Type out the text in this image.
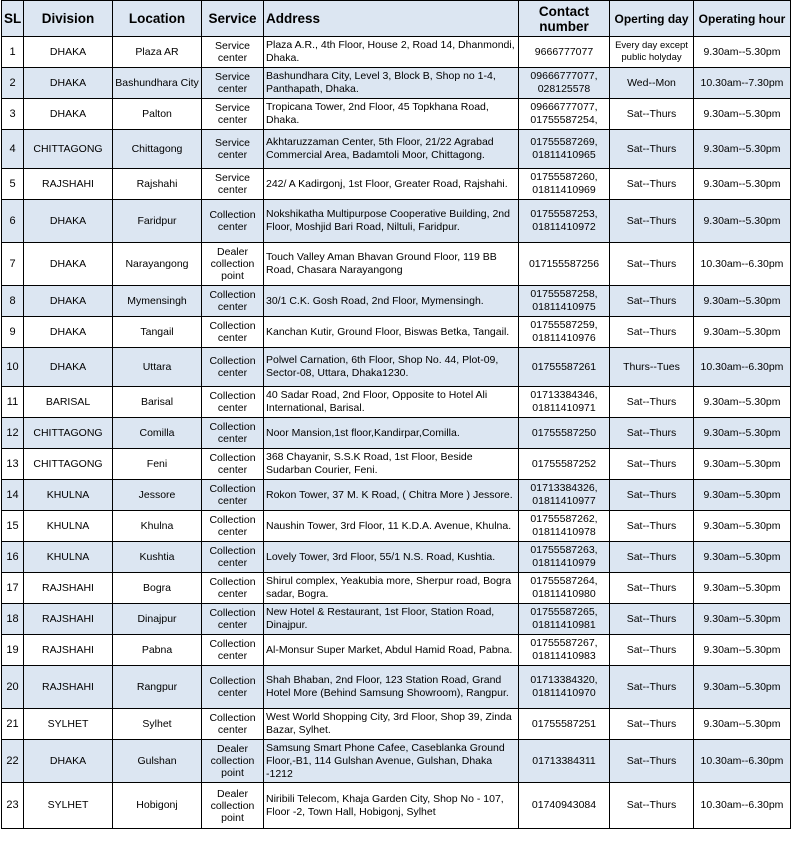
SL	Division	Location	Service	Address	Contact number	Operting day	Operating hour
1	DHAKA	Plaza AR	Service center	Plaza A.R., 4th Floor, House 2, Road 14, Dhanmondi, Dhaka.	9666777077	Every day except public holyday	9.30am--5.30pm
2	DHAKA	Bashundhara City	Service center	Bashundhara City, Level 3, Block B, Shop no 1-4, Panthapath, Dhaka.	09666777077, 028125578	Wed--Mon	10.30am--7.30pm
3	DHAKA	Palton	Service center	Tropicana Tower, 2nd Floor, 45 Topkhana Road, Dhaka.	09666777077, 01755587254,	Sat--Thurs	9.30am--5.30pm
4	CHITTAGONG	Chittagong	Service center	Akhtaruzzaman Center, 5th Floor, 21/22 Agrabad Commercial Area, Badamtoli Moor, Chittagong.	01755587269, 01811410965	Sat--Thurs	9.30am--5.30pm
5	RAJSHAHI	Rajshahi	Service center	242/ A Kadirgonj, 1st Floor, Greater Road, Rajshahi.	01755587260, 01811410969	Sat--Thurs	9.30am--5.30pm
6	DHAKA	Faridpur	Collection center	Nokshikatha Multipurpose Cooperative Building, 2nd Floor, Moshjid Bari Road, Niltuli, Faridpur.	01755587253, 01811410972	Sat--Thurs	9.30am--5.30pm
7	DHAKA	Narayangong	Dealer collection point	Touch Valley Aman Bhavan Ground Floor, 119 BB Road, Chasara Narayangong	017155587256	Sat--Thurs	10.30am--6.30pm
8	DHAKA	Mymensingh	Collection center	30/1 C.K. Gosh Road, 2nd Floor, Mymensingh.	01755587258, 01811410975	Sat--Thurs	9.30am--5.30pm
9	DHAKA	Tangail	Collection center	Kanchan Kutir, Ground Floor, Biswas Betka, Tangail.	01755587259, 01811410976	Sat--Thurs	9.30am--5.30pm
10	DHAKA	Uttara	Collection center	Polwel Carnation, 6th Floor, Shop No. 44, Plot-09, Sector-08, Uttara, Dhaka1230.	01755587261	Thurs--Tues	10.30am--6.30pm
11	BARISAL	Barisal	Collection center	40 Sadar Road, 2nd Floor, Opposite to Hotel Ali International, Barisal.	01713384346, 01811410971	Sat--Thurs	9.30am--5.30pm
12	CHITTAGONG	Comilla	Collection center	Noor Mansion,1st floor,Kandirpar,Comilla.	01755587250	Sat--Thurs	9.30am--5.30pm
13	CHITTAGONG	Feni	Collection center	368 Chayanir, S.S.K Road, 1st Floor, Beside Sudarban Courier, Feni.	01755587252	Sat--Thurs	9.30am--5.30pm
14	KHULNA	Jessore	Collection center	Rokon Tower, 37 M. K Road, ( Chitra More ) Jessore.	01713384326, 01811410977	Sat--Thurs	9.30am--5.30pm
15	KHULNA	Khulna	Collection center	Naushin Tower, 3rd Floor, 11 K.D.A. Avenue, Khulna.	01755587262, 01811410978	Sat--Thurs	9.30am--5.30pm
16	KHULNA	Kushtia	Collection center	Lovely Tower, 3rd Floor, 55/1 N.S. Road, Kushtia.	01755587263, 01811410979	Sat--Thurs	9.30am--5.30pm
17	RAJSHAHI	Bogra	Collection center	Shirul complex, Yeakubia more, Sherpur road, Bogra sadar, Bogra.	01755587264, 01811410980	Sat--Thurs	9.30am--5.30pm
18	RAJSHAHI	Dinajpur	Collection center	New Hotel & Restaurant, 1st Floor, Station Road, Dinajpur.	01755587265, 01811410981	Sat--Thurs	9.30am--5.30pm
19	RAJSHAHI	Pabna	Collection center	Al-Monsur Super Market, Abdul Hamid Road, Pabna.	01755587267, 01811410983	Sat--Thurs	9.30am--5.30pm
20	RAJSHAHI	Rangpur	Collection center	Shah Bhaban, 2nd Floor, 123 Station Road, Grand Hotel More (Behind Samsung Showroom), Rangpur.	01713384320, 01811410970	Sat--Thurs	9.30am--5.30pm
21	SYLHET	Sylhet	Collection center	West World Shopping City, 3rd Floor, Shop 39, Zinda Bazar, Sylhet.	01755587251	Sat--Thurs	9.30am--5.30pm
22	DHAKA	Gulshan	Dealer collection point	Samsung Smart Phone Cafee, Caseblanka Ground Floor,-B1, 114 Gulshan Avenue, Gulshan, Dhaka -1212	01713384311	Sat--Thurs	10.30am--6.30pm
23	SYLHET	Hobigonj	Dealer collection point	Niribili Telecom, Khaja Garden City, Shop No - 107, Floor -2, Town Hall, Hobigonj, Sylhet	01740943084	Sat--Thurs	10.30am--6.30pm
